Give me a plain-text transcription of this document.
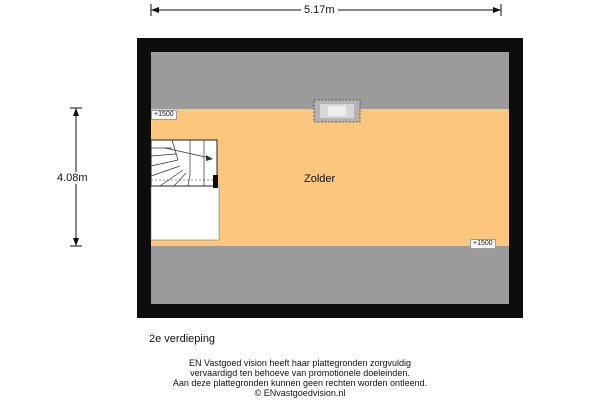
5.17m
4.08m	Zolder
+1500
+1500
2e verdieping
EN Vastgoed vision heeft haar plattegronden zorgvuldig
vervaardigd ten behoeve van promotionele doeleinden.
Aan deze plattegronden kunnen geen rechten worden ontleend.
© ENvastgoedvision.nl
